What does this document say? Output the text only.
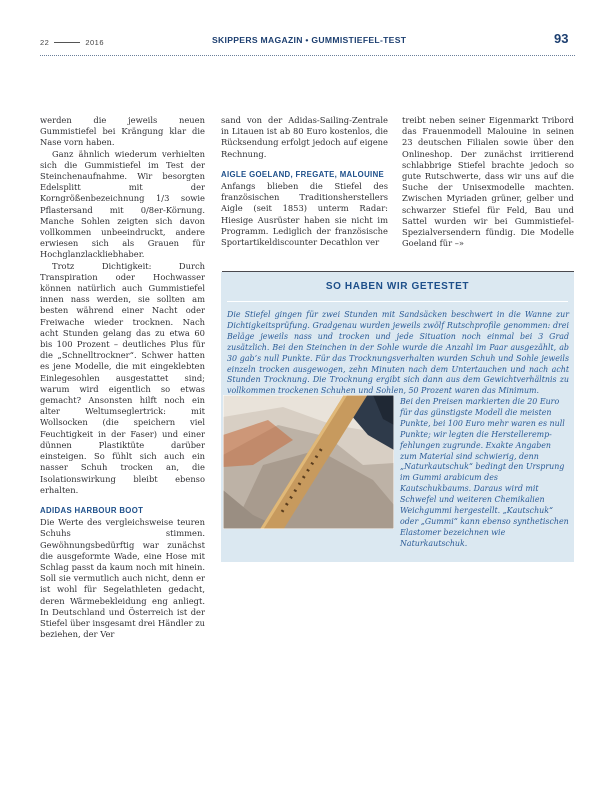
22	2016	SKIPPERS MAGAZIN • GUMMISTIEFEL-TEST	93

werden die jeweils neuen Gummistiefel bei Krängung klar die Nase vorn haben.

Ganz ähnlich wiederum verhielten sich die Gummistiefel im Test der Steinchenaufnahme. Wir besorgten Edelsplitt mit der Korngrößenbezeichnung 1/3 sowie Pflastersand mit 0/8er-Körnung. Manche Sohlen zeigten sich davon vollkommen unbeeindruckt, andere erwiesen sich als Grauen für Hochglanzlackliebhaber.

Trotz Dichtigkeit: Durch Transpiration oder Hochwasser können natürlich auch Gummistiefel innen nass werden, sie sollten am besten während einer Nacht oder Freiwache wieder trocknen. Nach acht Stunden gelang das zu etwa 60 bis 100 Prozent – deutliches Plus für die „Schnelltrockner“. Schwer hatten es jene Modelle, die mit eingeklebten Einlegesohlen ausgestattet sind; warum wird eigentlich so etwas gemacht? Ansonsten hilft noch ein alter Weltumseglertrick: mit Wollsocken (die speichern viel Feuchtigkeit in der Faser) und einer dünnen Plastiktüte darüber einsteigen. So fühlt sich auch ein nasser Schuh trocken an, die Isolationswirkung bleibt ebenso erhalten.

ADIDAS HARBOUR BOOT

Die Werte des vergleichsweise teuren Schuhs stimmen. Gewöhnungsbedürftig war zunächst die ausgeformte Wade, eine Hose mit Schlag passt da kaum noch mit hinein. Soll sie vermutlich auch nicht, denn er ist wohl für Segelathleten gedacht, deren Wärmebekleidung eng anliegt. In Deutschland und Österreich ist der Stiefel über insgesamt drei Händler zu beziehen, der Ver

sand von der Adidas-Sailing-Zentrale in Litauen ist ab 80 Euro kostenlos, die Rücksendung erfolgt jedoch auf eigene Rechnung.

AIGLE GOELAND, FREGATE, MALOUINE

Anfangs blieben die Stiefel des französischen Traditionsherstellers Aigle (seit 1853) unterm Radar: Hiesige Ausrüster haben sie nicht im Programm. Lediglich der französische Sportartikeldiscounter Decathlon ver

treibt neben seiner Eigenmarkt Tribord das Frauenmodell Malouine in seinen 23 deutschen Filialen sowie über den Onlineshop. Der zunächst irritierend schlabbrige Stiefel brachte jedoch so gute Rutschwerte, dass wir uns auf die Suche der Unisexmodelle machten. Zwischen Myriaden grüner, gelber und schwarzer Stiefel für Feld, Bau und Sattel wurden wir bei Gummistiefel-Spezialversendern fündig. Die Modelle Goeland für –»

SO HABEN WIR GETESTET
Die Stiefel gingen für zwei Stunden mit Sandsäcken beschwert in die Wanne zur Dichtigkeitsprüfung. Gradgenau wurden jeweils zwölf Rutschprofile genommen: drei Beläge jeweils nass und trocken und jede Situation noch einmal bei 3 Grad zusätzlich. Bei den Steinchen in der Sohle wurde die Anzahl im Paar ausgezählt, ab 30 gab’s null Punkte. Für das Trocknungsverhalten wurden Schuh und Sohle jeweils einzeln trocken ausgewogen, zehn Minuten nach dem Untertauchen und nach acht Stunden Trocknung. Die Trocknung ergibt sich dann aus dem Gewichtverhältnis zu vollkommen trockenen Schuhen und Sohlen, 50 Prozent waren das Minimum.
Bei den Preisen markierten die 20 Euro für das günstigste Modell die meisten Punkte, bei 100 Euro mehr waren es null Punkte; wir legten die Herstellerempfehlungen zugrunde. Exakte Angaben zum Material sind schwierig, denn „Naturkautschuk“ bedingt den Ursprung im Gummi arabicum des Kautschukbaums. Daraus wird mit Schwefel und weiteren Chemikalien Weichgummi hergestellt. „Kautschuk“ oder „Gummi“ kann ebenso synthetischen Elastomer bezeichnen wie Naturkautschuk.
